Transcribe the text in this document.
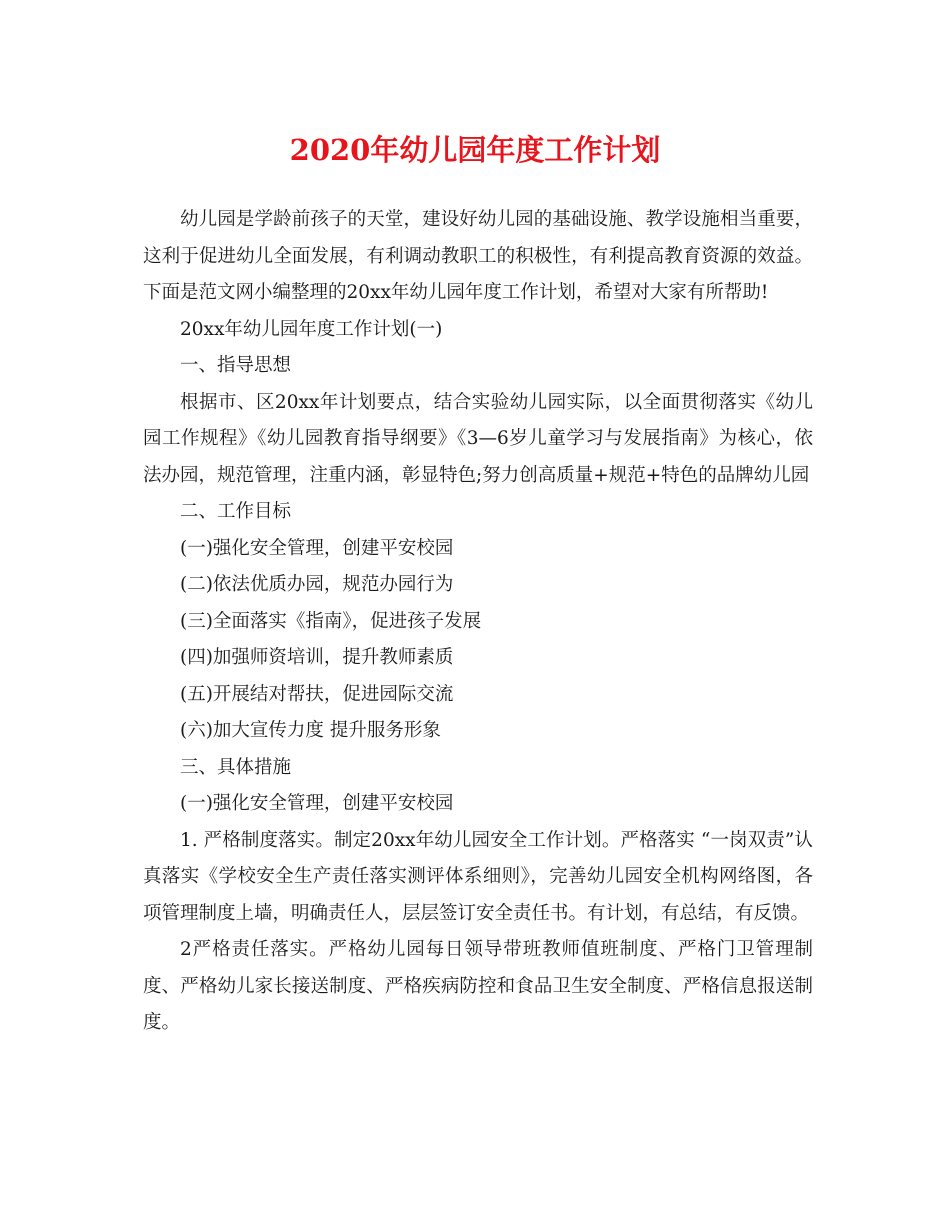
2020年幼儿园年度工作计划

幼儿园是学龄前孩子的天堂，建设好幼儿园的基础设施、教学设施相当重要，这利于促进幼儿全面发展，有利调动教职工的积极性，有利提高教育资源的效益。下面是范文网小编整理的20xx年幼儿园年度工作计划，希望对大家有所帮助!

20xx年幼儿园年度工作计划(一)

一、指导思想

根据市、区20xx年计划要点，结合实验幼儿园实际，以全面贯彻落实《幼儿园工作规程》《幼儿园教育指导纲要》《3—6岁儿童学习与发展指南》为核心，依法办园，规范管理，注重内涵，彰显特色;努力创高质量+规范+特色的品牌幼儿园

二、工作目标

(一)强化安全管理，创建平安校园

(二)依法优质办园，规范办园行为

(三)全面落实《指南》，促进孩子发展

(四)加强师资培训，提升教师素质

(五)开展结对帮扶，促进园际交流

(六)加大宣传力度 提升服务形象

三、具体措施

(一)强化安全管理，创建平安校园

1. 严格制度落实。制定20xx年幼儿园安全工作计划。严格落实 “一岗双责”认真落实《学校安全生产责任落实测评体系细则》，完善幼儿园安全机构网络图，各项管理制度上墙，明确责任人，层层签订安全责任书。有计划，有总结，有反馈。

2严格责任落实。严格幼儿园每日领导带班教师值班制度、严格门卫管理制度、严格幼儿家长接送制度、严格疾病防控和食品卫生安全制度、严格信息报送制度。
